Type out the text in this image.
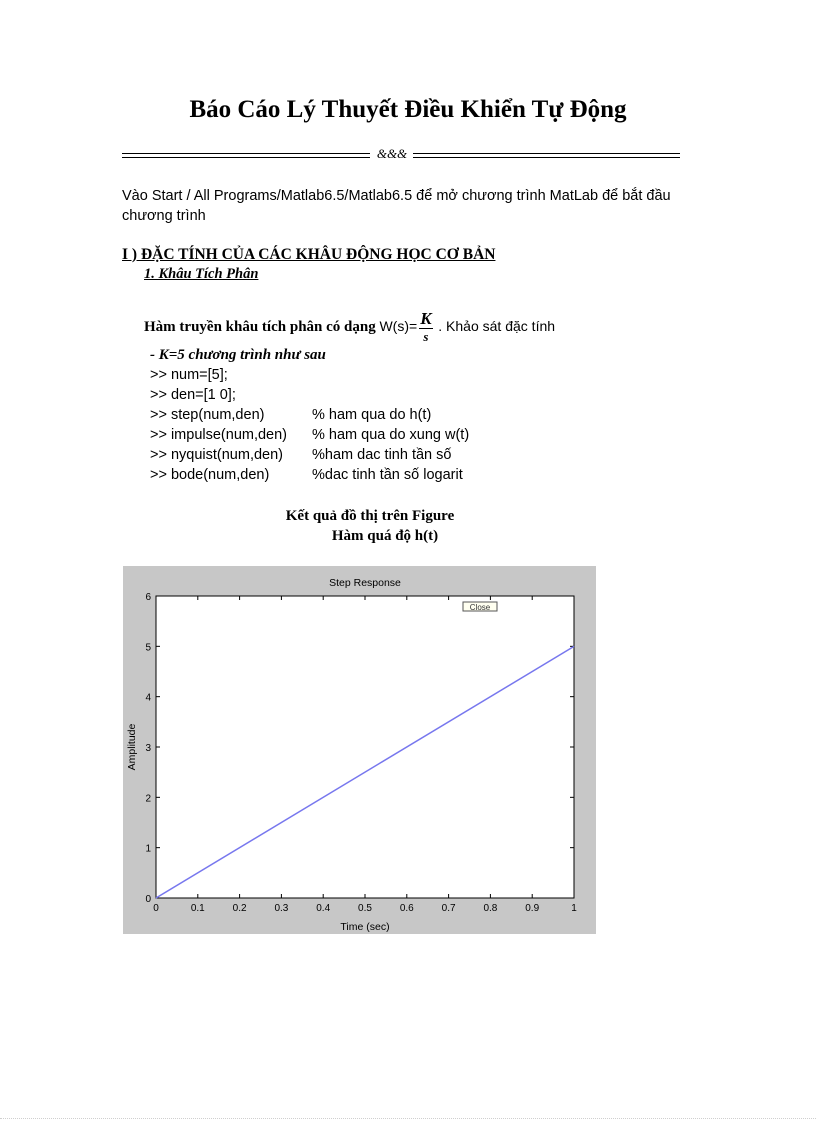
Báo Cáo Lý Thuyết Điều Khiển Tự Động
&&&
Vào Start / All Programs/Matlab6.5/Matlab6.5 để mở chương trình MatLab để bắt đầu chương trình
I ) ĐẶC TÍNH CỦA CÁC KHÂU ĐỘNG HỌC CƠ BẢN
1. Khâu Tích Phân
Hàm truyền khâu tích phân có dạng $W(s)= \frac{K}{s}$ . Khảo sát đặc tính
- K=5 chương trình như sau
>> num=[5];
>> den=[1 0];
>> step(num,den)	% ham qua do h(t)
>> impulse(num,den) % ham qua do xung w(t)
>> nyquist(num,den) %ham dac tinh tần số
>> bode(num,den)	%dac tinh tần số logarit
Kết quả đồ thị trên Figure
Hàm quá độ h(t)
Step Response
Time (sec)
Amplitude
0	0.1	0.2	0.3	0.4	0.5	0.6	0.7	0.8	0.9	1
0
1
2
3
4
5
6
Close
